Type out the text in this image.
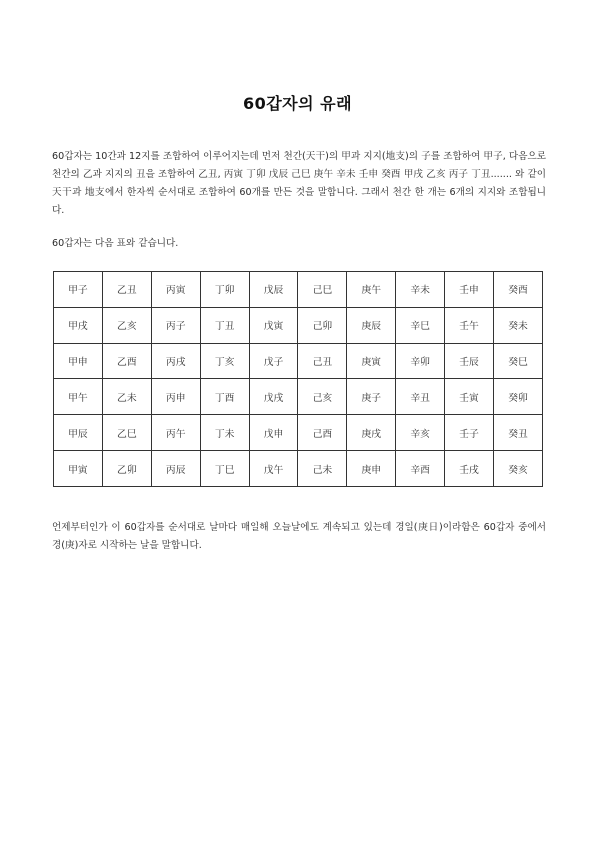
60갑자의 유래
60갑자는 10간과 12지를 조합하여 이루어지는데 먼저 천간(天干)의 甲과 지지(地支)의 子를 조합하여 甲子, 다음으로 천간의 乙과 지지의 丑을 조합하여 乙丑, 丙寅 丁卯 戊辰 己巳 庚午 辛未 壬申 癸酉 甲戌 乙亥 丙子 丁丑....... 와 같이 天干과 地支에서 한자씩 순서대로 조합하여 60개를 만든 것을 말합니다. 그래서 천간 한 개는 6개의 지지와 조합됩니다.
60갑자는 다음 표와 같습니다.
甲子	乙丑	丙寅	丁卯	戊辰	己巳	庚午	辛未	壬申	癸酉
甲戌	乙亥	丙子	丁丑	戊寅	己卯	庚辰	辛巳	壬午	癸未
甲申	乙酉	丙戌	丁亥	戊子	己丑	庚寅	辛卯	壬辰	癸巳
甲午	乙未	丙申	丁酉	戊戌	己亥	庚子	辛丑	壬寅	癸卯
甲辰	乙巳	丙午	丁未	戊申	己酉	庚戌	辛亥	壬子	癸丑
甲寅	乙卯	丙辰	丁巳	戊午	己未	庚申	辛酉	壬戌	癸亥
언제부터인가 이 60갑자를 순서대로 날마다 매일해 오늘날에도 계속되고 있는데 경일(庚日)이라함은 60갑자 중에서 경(庚)자로 시작하는 날을 말합니다.
